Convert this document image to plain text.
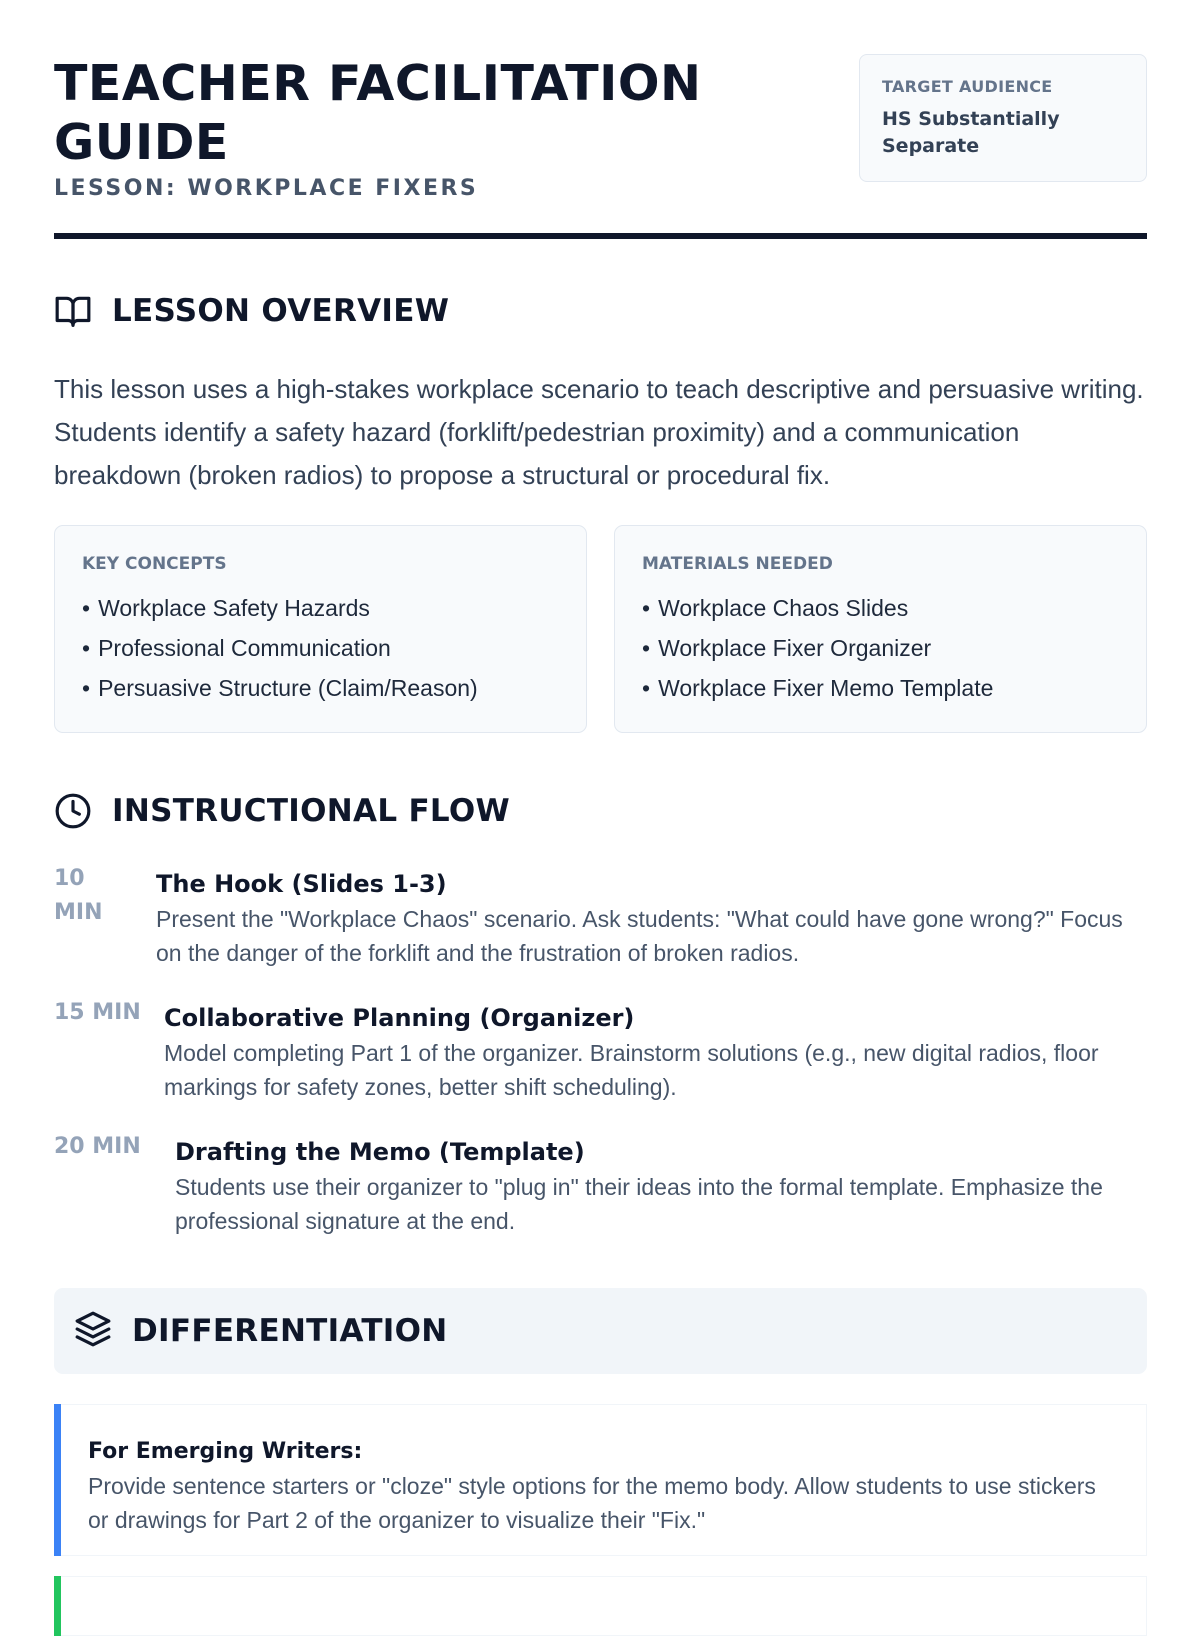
TEACHER FACILITATION GUIDE
LESSON: WORKPLACE FIXERS
TARGET AUDIENCE
HS Substantially Separate
LESSON OVERVIEW

This lesson uses a high-stakes workplace scenario to teach descriptive and persuasive writing. Students identify a safety hazard (forklift/pedestrian proximity) and a communication breakdown (broken radios) to propose a structural or procedural fix.

KEY CONCEPTS
• Workplace Safety Hazards
• Professional Communication
• Persuasive Structure (Claim/Reason)
MATERIALS NEEDED
• Workplace Chaos Slides
• Workplace Fixer Organizer
• Workplace Fixer Memo Template
INSTRUCTIONAL FLOW
10 MIN
The Hook (Slides 1-3)
Present the "Workplace Chaos" scenario. Ask students: "What could have gone wrong?" Focus on the danger of the forklift and the frustration of broken radios.
15 MIN Collaborative Planning (Organizer)
Model completing Part 1 of the organizer. Brainstorm solutions (e.g., new digital radios, floor markings for safety zones, better shift scheduling).
20 MIN Drafting the Memo (Template)
Students use their organizer to "plug in" their ideas into the formal template. Emphasize the professional signature at the end.
DIFFERENTIATION
For Emerging Writers:
Provide sentence starters or "cloze" style options for the memo body. Allow students to use stickers or drawings for Part 2 of the organizer to visualize their "Fix."
